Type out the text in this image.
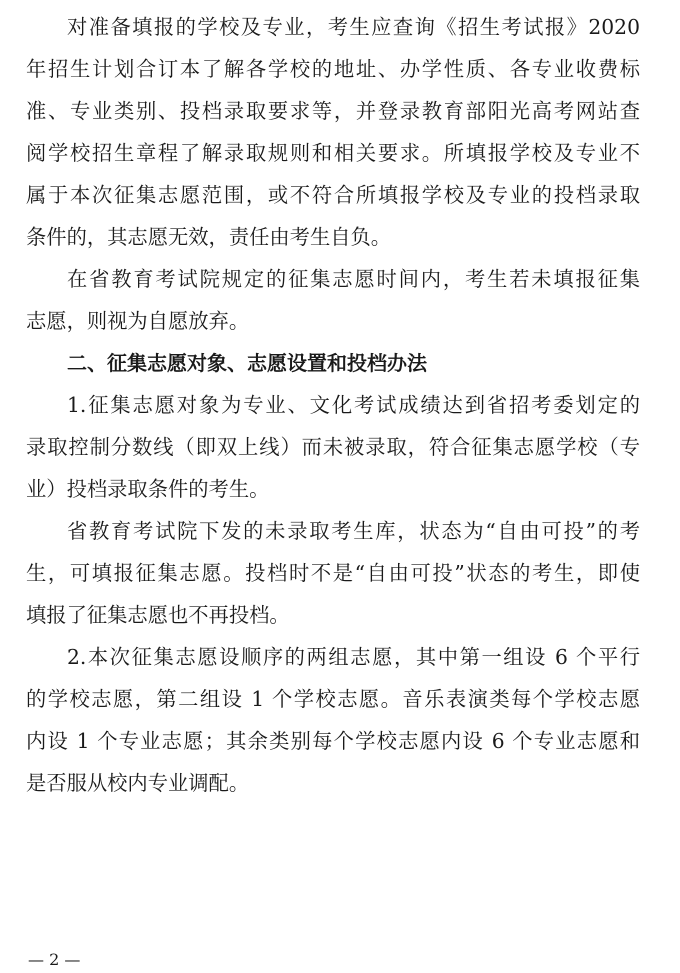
对准备填报的学校及专业，考生应查询《招生考试报》2020
年招生计划合订本了解各学校的地址、办学性质、各专业收费标
准、专业类别、投档录取要求等，并登录教育部阳光高考网站查
阅学校招生章程了解录取规则和相关要求。所填报学校及专业不
属于本次征集志愿范围，或不符合所填报学校及专业的投档录取
条件的，其志愿无效，责任由考生自负。
在省教育考试院规定的征集志愿时间内，考生若未填报征集
志愿，则视为自愿放弃。
二、征集志愿对象、志愿设置和投档办法
1.征集志愿对象为专业、文化考试成绩达到省招考委划定的
录取控制分数线（即双上线）而未被录取，符合征集志愿学校（专
业）投档录取条件的考生。
省教育考试院下发的未录取考生库，状态为“自由可投”的考
生，可填报征集志愿。投档时不是“自由可投”状态的考生，即使
填报了征集志愿也不再投档。
2.本次征集志愿设顺序的两组志愿，其中第一组设 6 个平行
的学校志愿，第二组设 1 个学校志愿。音乐表演类每个学校志愿
内设 1 个专业志愿；其余类别每个学校志愿内设 6 个专业志愿和
是否服从校内专业调配。
— 2 —
